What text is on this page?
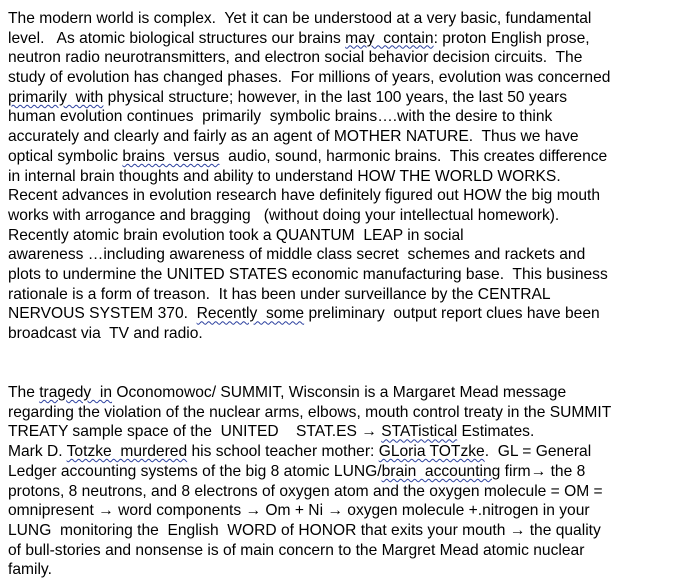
The modern world is complex.  Yet it can be understood at a very basic, fundamental
level.   As atomic biological structures our brains may  contain: proton English prose,
neutron radio neurotransmitters, and electron social behavior decision circuits.  The
study of evolution has changed phases.  For millions of years, evolution was concerned
primarily  with physical structure; however, in the last 100 years, the last 50 years
human evolution continues  primarily  symbolic brains….with the desire to think
accurately and clearly and fairly as an agent of MOTHER NATURE.  Thus we have
optical symbolic brains  versus  audio, sound, harmonic brains.  This creates difference
in internal brain thoughts and ability to understand HOW THE WORLD WORKS.
Recent advances in evolution research have definitely figured out HOW the big mouth
works with arrogance and bragging   (without doing your intellectual homework).
Recently atomic brain evolution took a QUANTUM  LEAP in social
awareness …including awareness of middle class secret  schemes and rackets and
plots to undermine the UNITED STATES economic manufacturing base.  This business
rationale is a form of treason.  It has been under surveillance by the CENTRAL
NERVOUS SYSTEM 370.  Recently  some preliminary  output report clues have been
broadcast via  TV and radio.
The tragedy  in Oconomowoc/ SUMMIT, Wisconsin is a Margaret Mead message
regarding the violation of the nuclear arms, elbows, mouth control treaty in the SUMMIT
TREATY sample space of the  UNITED    STAT.ES → STATistical Estimates.
Mark D. Totzke  murdered his school teacher mother: GLoria TOTzke.  GL = General
Ledger accounting systems of the big 8 atomic LUNG/brain  accounting firm→ the 8
protons, 8 neutrons, and 8 electrons of oxygen atom and the oxygen molecule = OM =
omnipresent → word components → Om + Ni → oxygen molecule +.nitrogen in your
LUNG  monitoring the  English  WORD of HONOR that exits your mouth → the quality
of bull-stories and nonsense is of main concern to the Margret Mead atomic nuclear
family.
